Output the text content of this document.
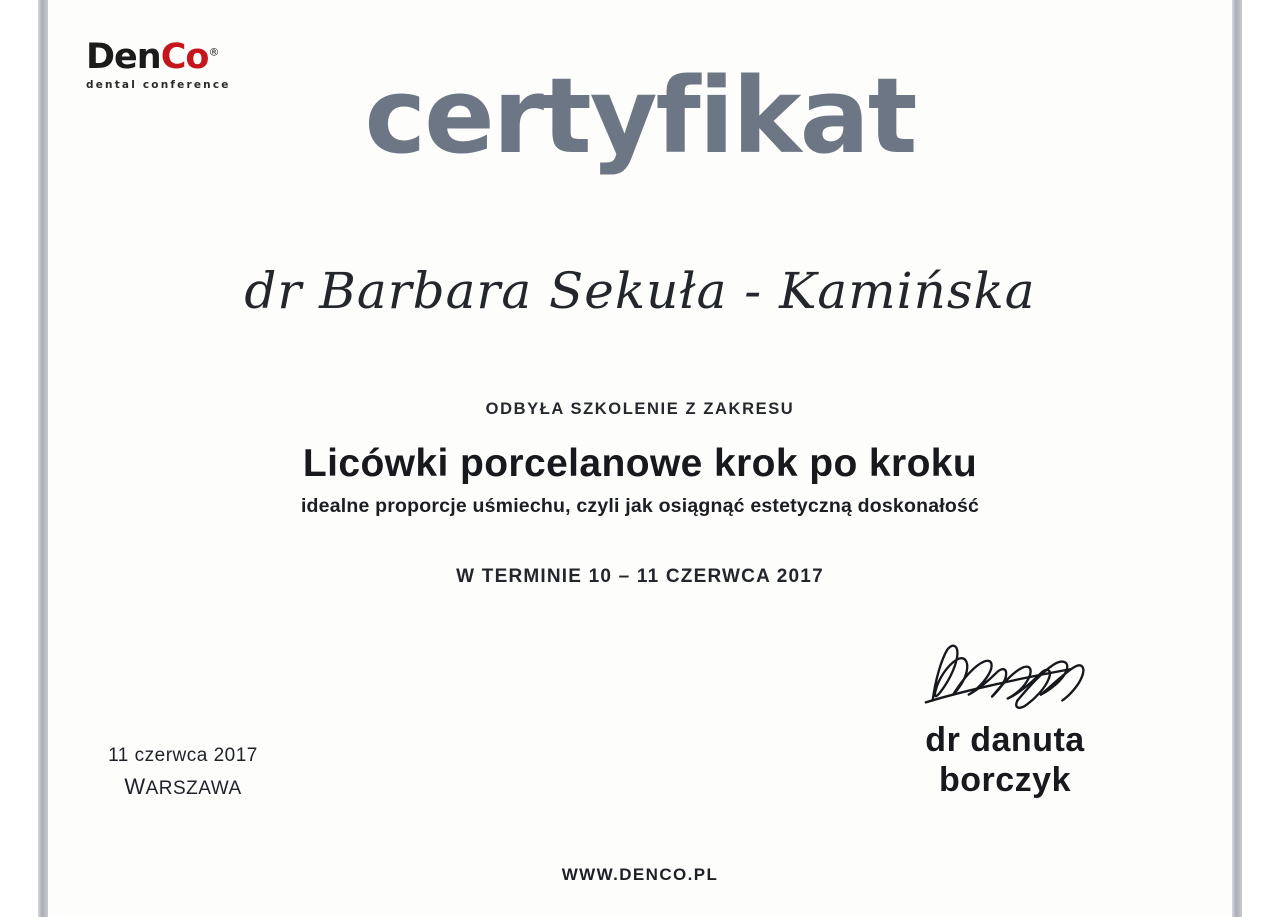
DenCo®
dental conference	certyfikat
dr Barbara Sekuła - Kamińska
ODBYŁA SZKOLENIE Z ZAKRESU
Licówki porcelanowe krok po kroku
idealne proporcje uśmiechu, czyli jak osiągnąć estetyczną doskonałość
W TERMINIE 10 – 11 CZERWCA 2017
dr danuta
borczyk
11 czerwca 2017
WARSZAWA
WWW.DENCO.PL
